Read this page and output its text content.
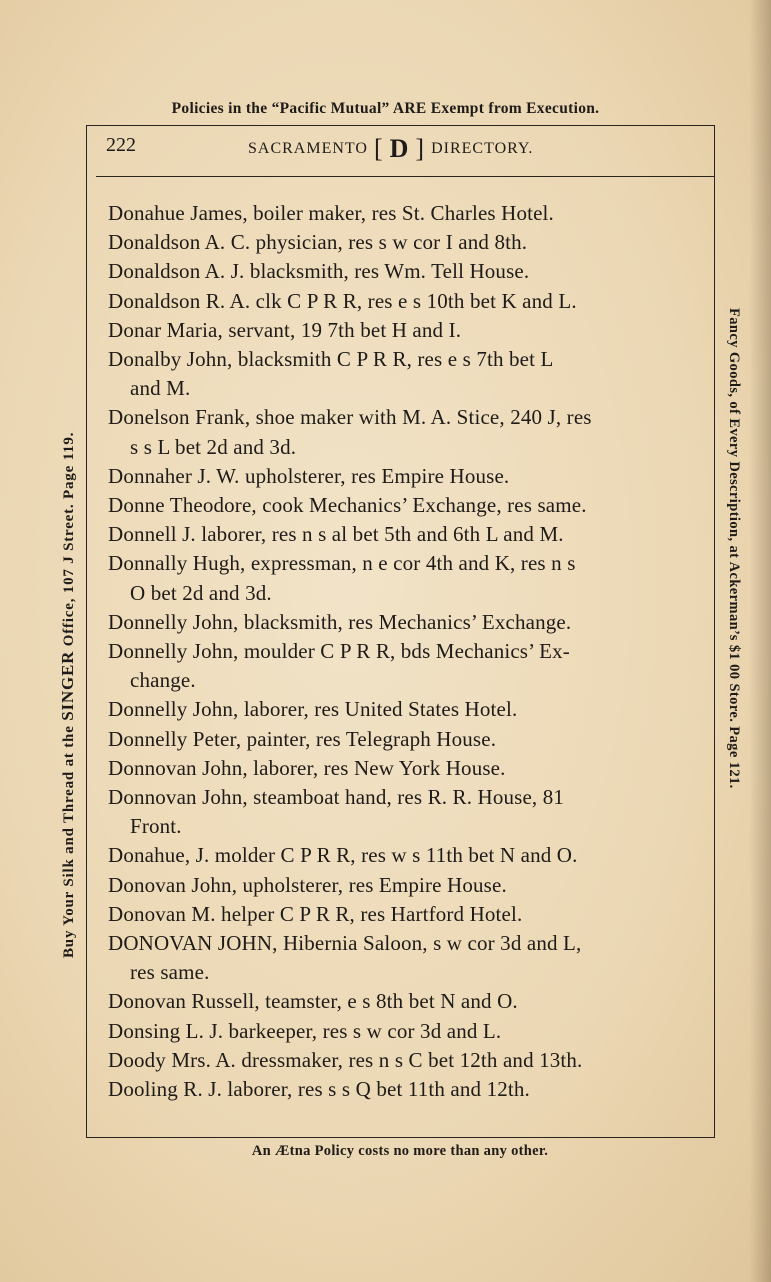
Policies in the “Pacific Mutual” ARE Exempt from Execution.
Buy Your Silk and Thread at the SINGER Office, 107 J Street. Page 119.	Fancy Goods, of Every Description, at Ackerman’s $1 00 Store. Page 121.
222	SACRAMENTO [ D ] DIRECTORY.
Donahue James, boiler maker, res St. Charles Hotel.
Donaldson A. C. physician, res s w cor I and 8th.
Donaldson A. J. blacksmith, res Wm. Tell House.
Donaldson R. A. clk C P R R, res e s 10th bet K and L.
Donar Maria, servant, 19 7th bet H and I.
Donalby John, blacksmith C P R R, res e s 7th bet L
and M.
Donelson Frank, shoe maker with M. A. Stice, 240 J, res
s s L bet 2d and 3d.
Donnaher J. W. upholsterer, res Empire House.
Donne Theodore, cook Mechanics’ Exchange, res same.
Donnell J. laborer, res n s al bet 5th and 6th L and M.
Donnally Hugh, expressman, n e cor 4th and K, res n s
O bet 2d and 3d.
Donnelly John, blacksmith, res Mechanics’ Exchange.
Donnelly John, moulder C P R R, bds Mechanics’ Ex-
change.
Donnelly John, laborer, res United States Hotel.
Donnelly Peter, painter, res Telegraph House.
Donnovan John, laborer, res New York House.
Donnovan John, steamboat hand, res R. R. House, 81
Front.
Donahue, J. molder C P R R, res w s 11th bet N and O.
Donovan John, upholsterer, res Empire House.
Donovan M. helper C P R R, res Hartford Hotel.
DONOVAN JOHN, Hibernia Saloon, s w cor 3d and L,
res same.
Donovan Russell, teamster, e s 8th bet N and O.
Donsing L. J. barkeeper, res s w cor 3d and L.
Doody Mrs. A. dressmaker, res n s C bet 12th and 13th.
Dooling R. J. laborer, res s s Q bet 11th and 12th.
An Ætna Policy costs no more than any other.
